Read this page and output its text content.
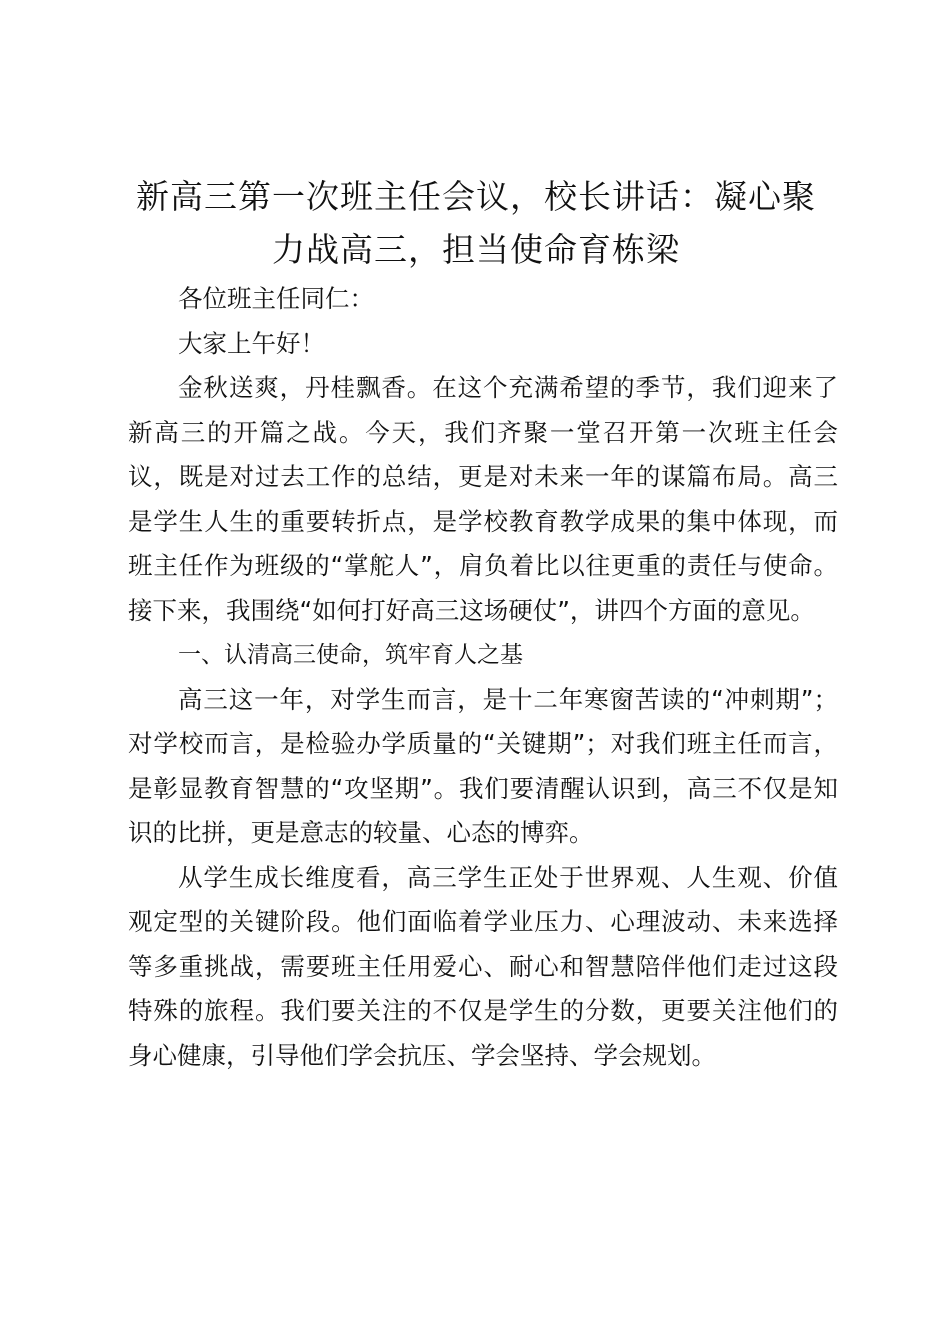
新高三第一次班主任会议，校长讲话：凝心聚力战高三，担当使命育栋梁

各位班主任同仁：

大家上午好！

金秋送爽，丹桂飘香。在这个充满希望的季节，我们迎来了新高三的开篇之战。今天，我们齐聚一堂召开第一次班主任会议，既是对过去工作的总结，更是对未来一年的谋篇布局。高三是学生人生的重要转折点，是学校教育教学成果的集中体现，而班主任作为班级的“掌舵人”，肩负着比以往更重的责任与使命。接下来，我围绕“如何打好高三这场硬仗”，讲四个方面的意见。

一、认清高三使命，筑牢育人之基

高三这一年，对学生而言，是十二年寒窗苦读的“冲刺期”；对学校而言，是检验办学质量的“关键期”；对我们班主任而言，是彰显教育智慧的“攻坚期”。我们要清醒认识到，高三不仅是知识的比拼，更是意志的较量、心态的博弈。

从学生成长维度看，高三学生正处于世界观、人生观、价值观定型的关键阶段。他们面临着学业压力、心理波动、未来选择等多重挑战，需要班主任用爱心、耐心和智慧陪伴他们走过这段特殊的旅程。我们要关注的不仅是学生的分数，更要关注他们的身心健康，引导他们学会抗压、学会坚持、学会规划。
